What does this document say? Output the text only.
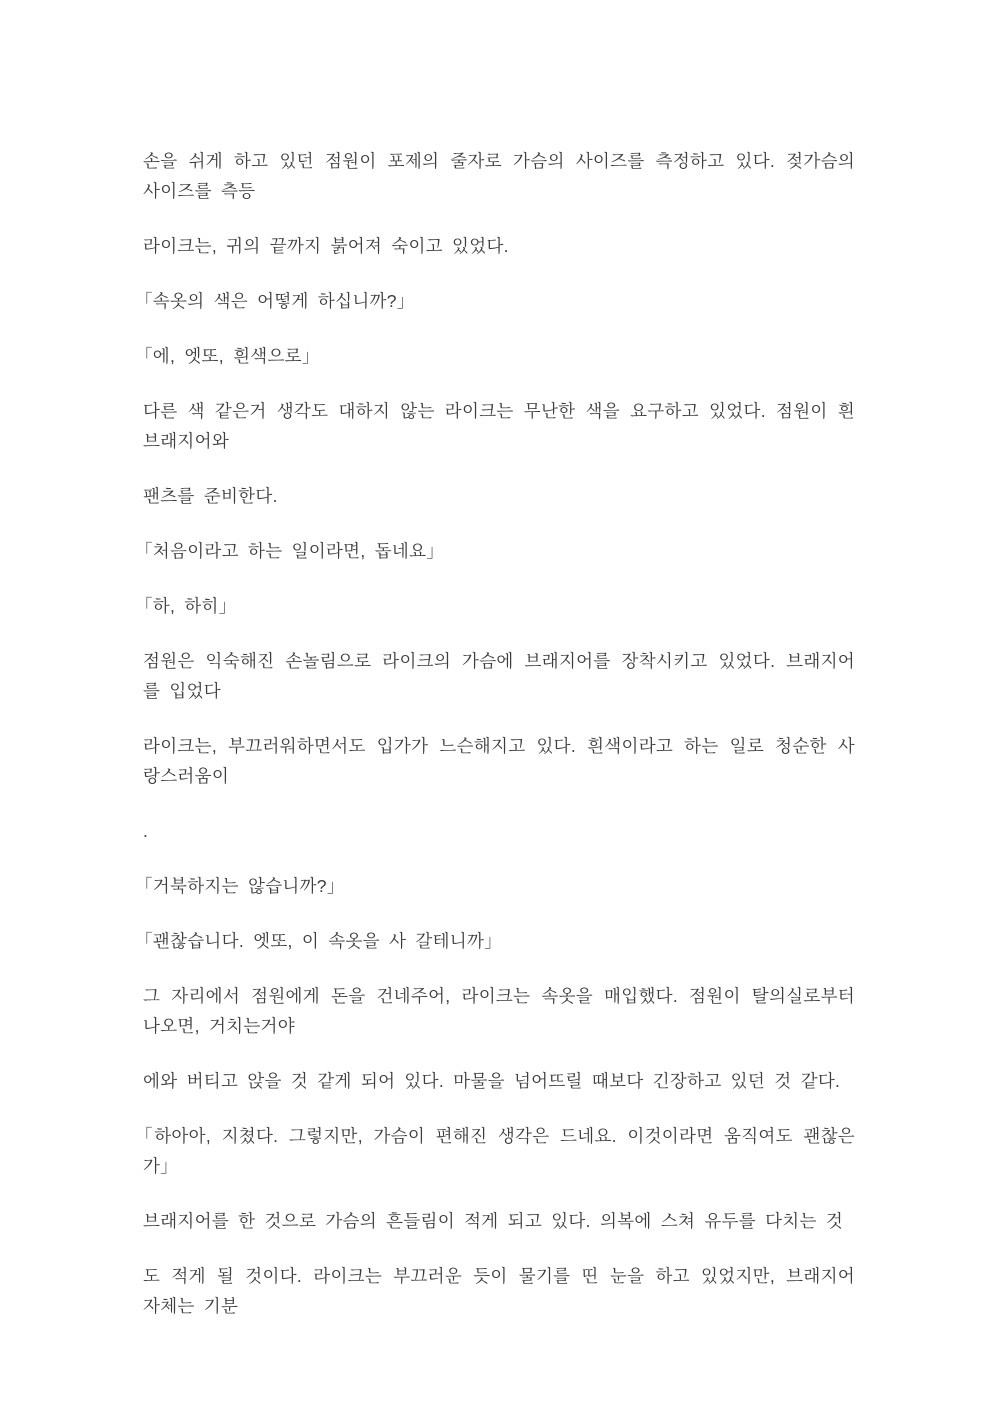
손을 쉬게 하고 있던 점원이 포제의 줄자로 가슴의 사이즈를 측정하고 있다. 젖가슴의 사이즈를 측등

라이크는, 귀의 끝까지 붉어져 숙이고 있었다.

「속옷의 색은 어떻게 하십니까?」

「에, 엣또, 흰색으로」

다른 색 같은거 생각도 대하지 않는 라이크는 무난한 색을 요구하고 있었다. 점원이 흰 브래지어와

팬츠를 준비한다.

「처음이라고 하는 일이라면, 돕네요」

「하, 하히」

점원은 익숙해진 손놀림으로 라이크의 가슴에 브래지어를 장착시키고 있었다. 브래지어를 입었다

라이크는, 부끄러워하면서도 입가가 느슨해지고 있다. 흰색이라고 하는 일로 청순한 사랑스러움이

.

「거북하지는 않습니까?」

「괜찮습니다. 엣또, 이 속옷을 사 갈테니까」

그 자리에서 점원에게 돈을 건네주어, 라이크는 속옷을 매입했다. 점원이 탈의실로부터 나오면, 거치는거야

에와 버티고 앉을 것 같게 되어 있다. 마물을 넘어뜨릴 때보다 긴장하고 있던 것 같다.

「하아아, 지쳤다. 그렇지만, 가슴이 편해진 생각은 드네요. 이것이라면 움직여도 괜찮은가」

브래지어를 한 것으로 가슴의 흔들림이 적게 되고 있다. 의복에 스쳐 유두를 다치는 것

도 적게 될 것이다. 라이크는 부끄러운 듯이 물기를 띤 눈을 하고 있었지만, 브래지어 자체는 기분
